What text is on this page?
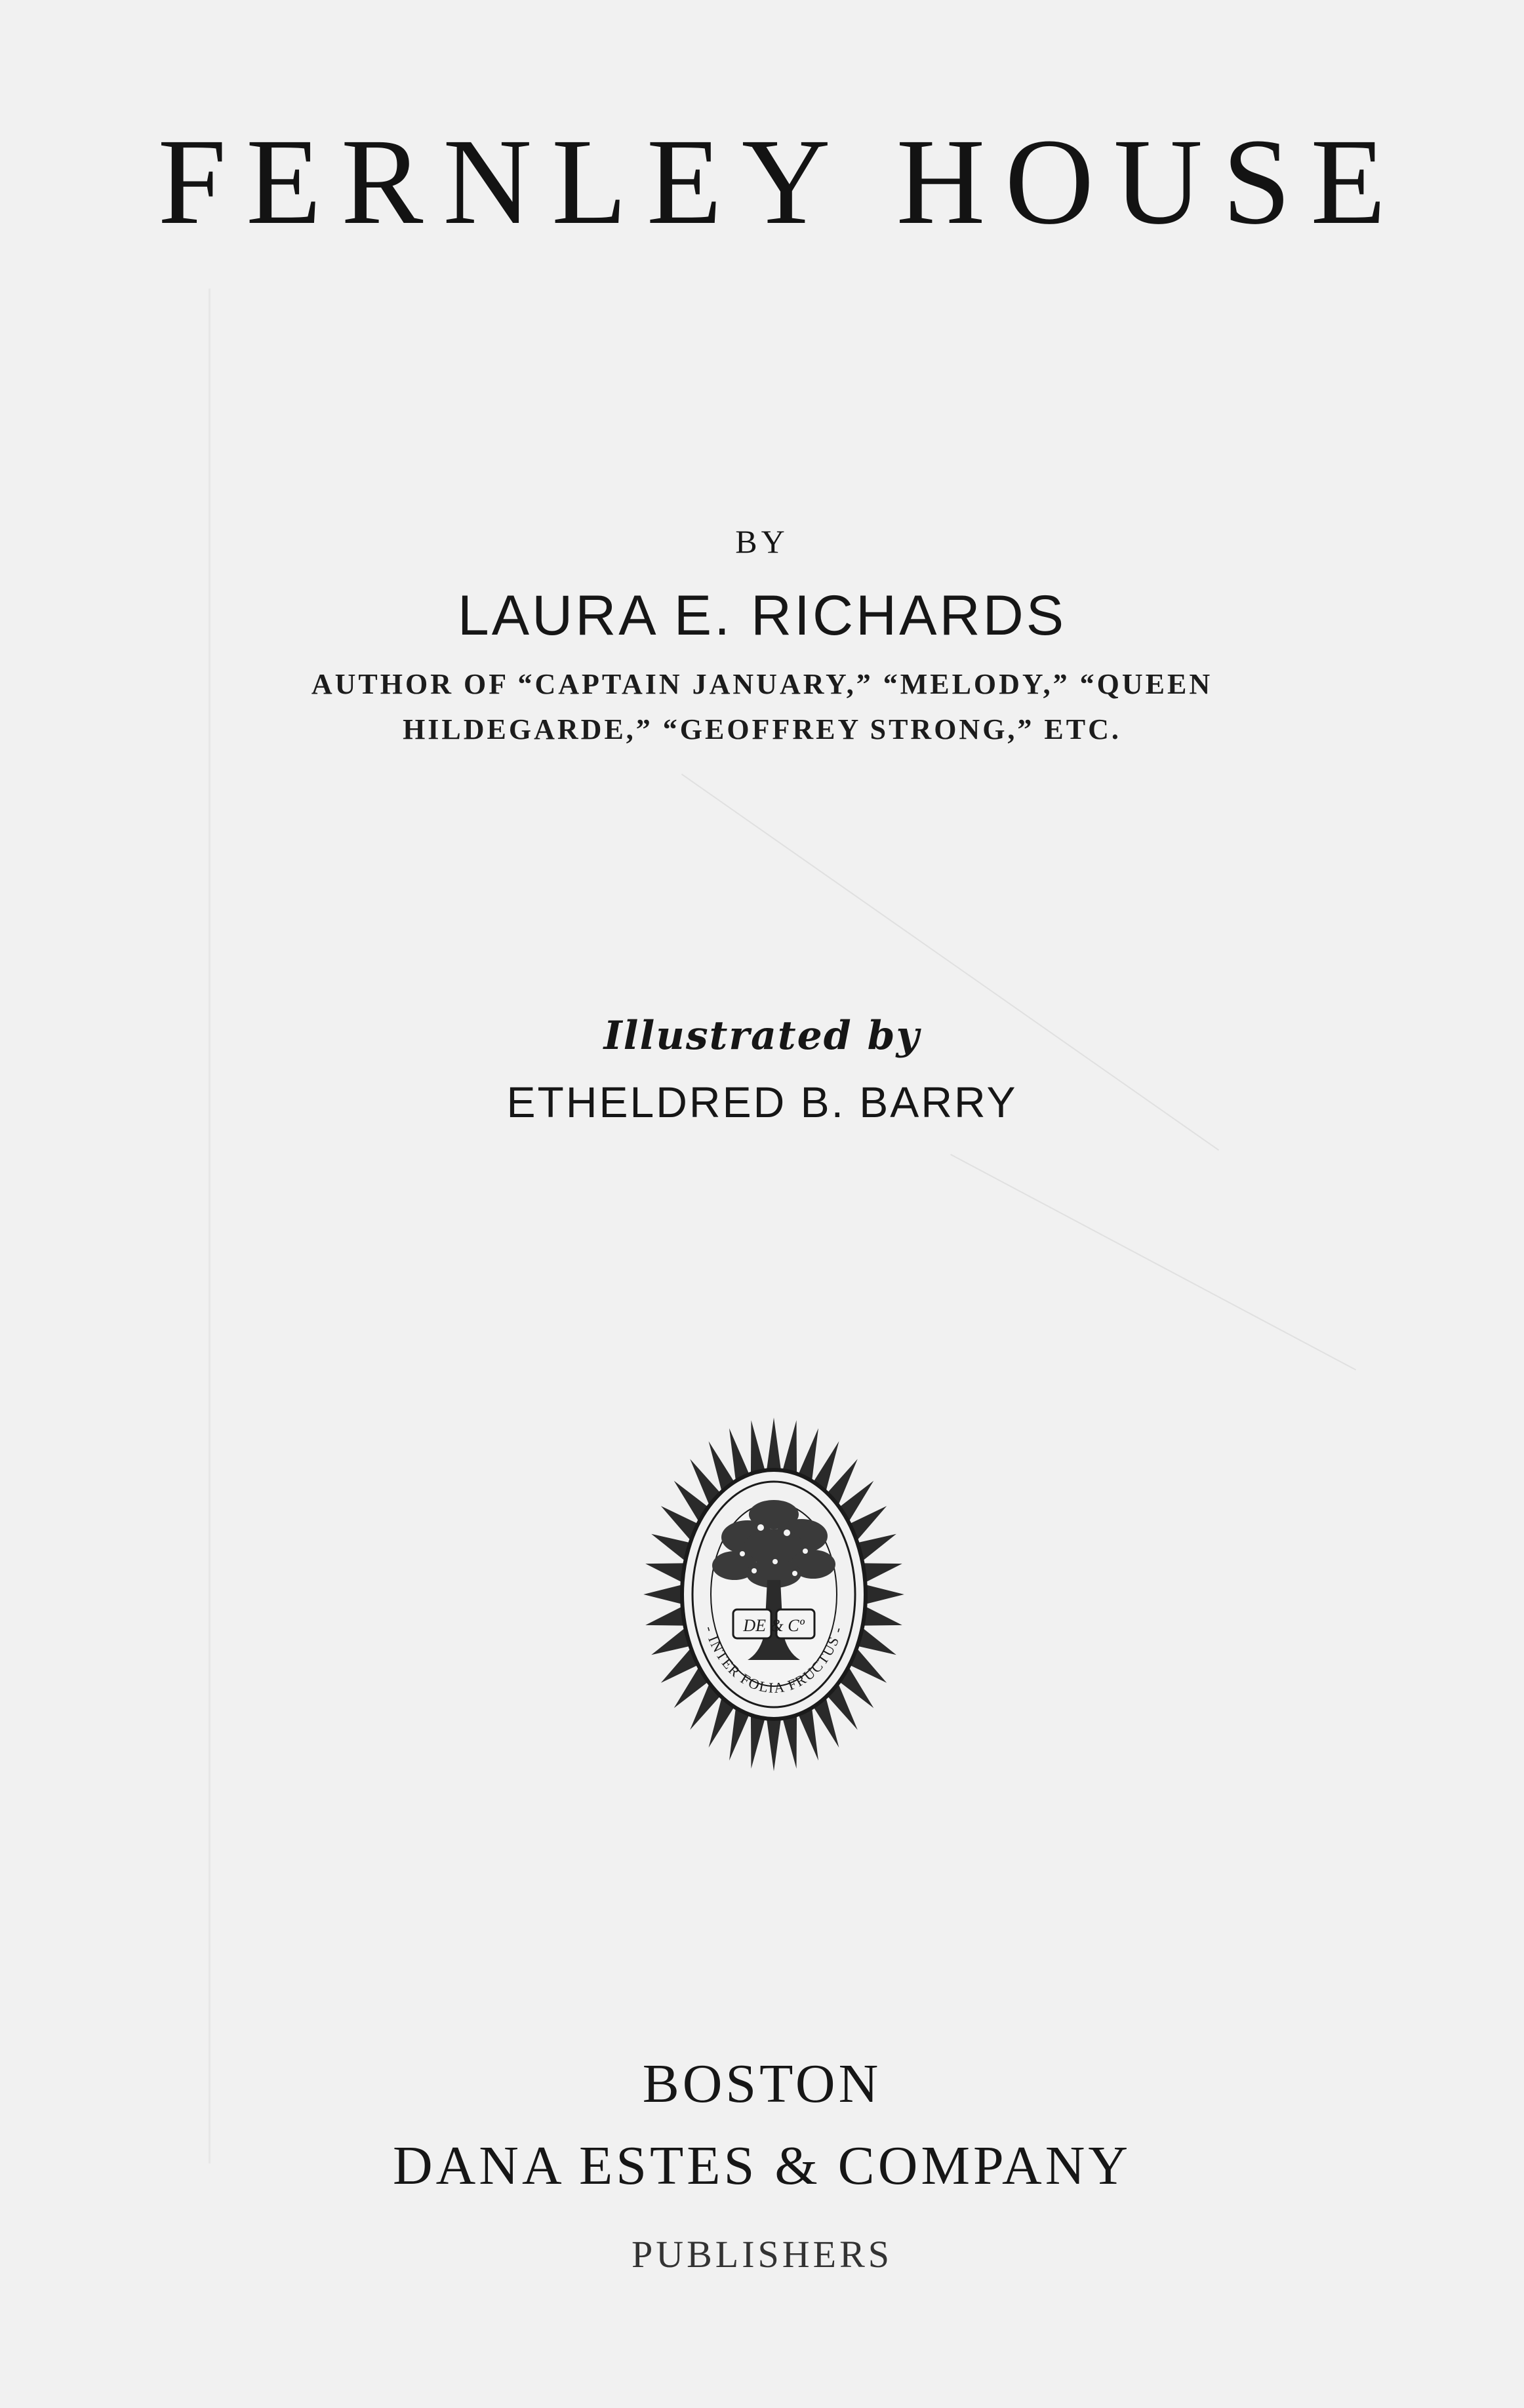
FERNLEY HOUSE
BY
LAURA E. RICHARDS
AUTHOR OF “CAPTAIN JANUARY,” “MELODY,” “QUEEN
HILDEGARDE,” “GEOFFREY STRONG,” ETC.
Illustrated by
ETHELDRED B. BARRY
DE & Cº
- INTER FOLIA FRUCTUS -
BOSTON
DANA ESTES & COMPANY
PUBLISHERS
